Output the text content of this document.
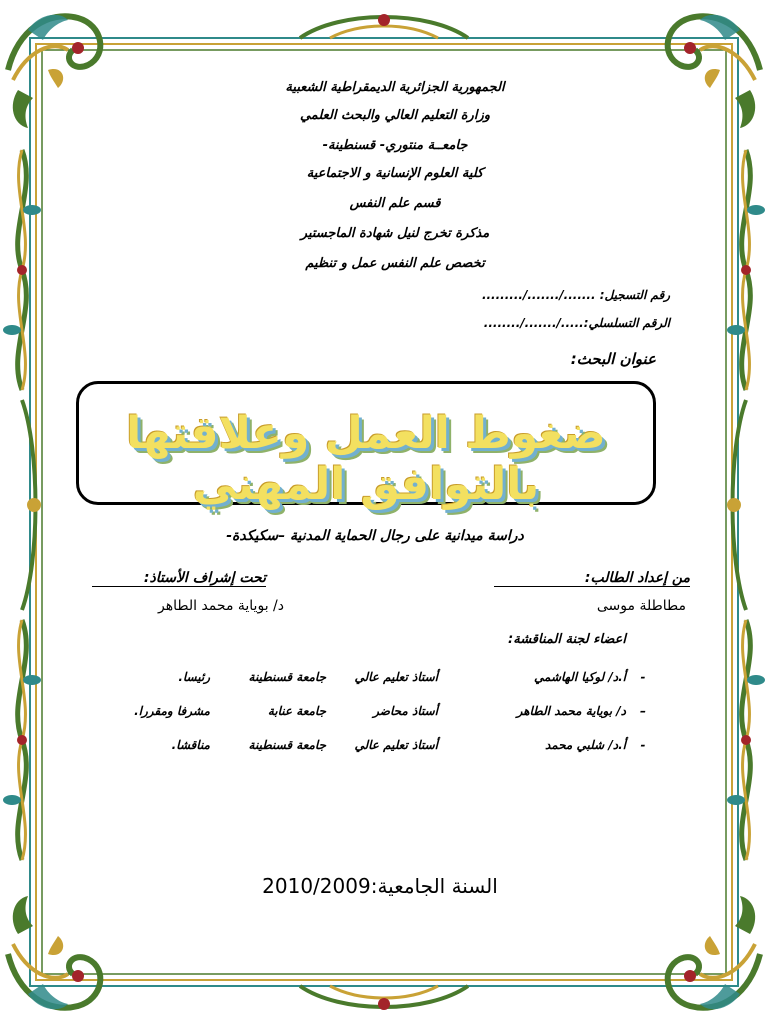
الجمهورية الجزائرية الديمقراطية الشعبية
وزارة التعليم العالي والبحث العلمي
جامعــة منتوري- قسنطينة-
كلية العلوم الإنسانية و الاجتماعية
قسم علم النفس
مذكرة تخرج لنيل شهادة الماجستير
تخصص علم النفس عمل و تنظيم
رقم التسجيل: ......./......./.........
الرقم التسلسلي:...../......./........
عنوان البحث:
ضغوط العمل وعلاقتها بالتوافق المهني
دراسة ميدانية على رجال الحماية المدنية –سكيكدة-
من إعداد الطالب:
تحت إشراف الأستاذ:
مطاطلة موسى
د/ بوياية محمد الطاهر
اعضاء لجنة المناقشة:
-
أ.د/ لوكيا الهاشمي
أستاذ تعليم عالي
جامعة قسنطينة
رئيسا.
–
د/ بوياية محمد الطاهر
أستاذ محاضر
جامعة عنابة
مشرفا ومقررا.
-
أ.د/ شلبي محمد
أستاذ تعليم عالي
جامعة قسنطينة
مناقشا.
السنة الجامعية:2010/2009
